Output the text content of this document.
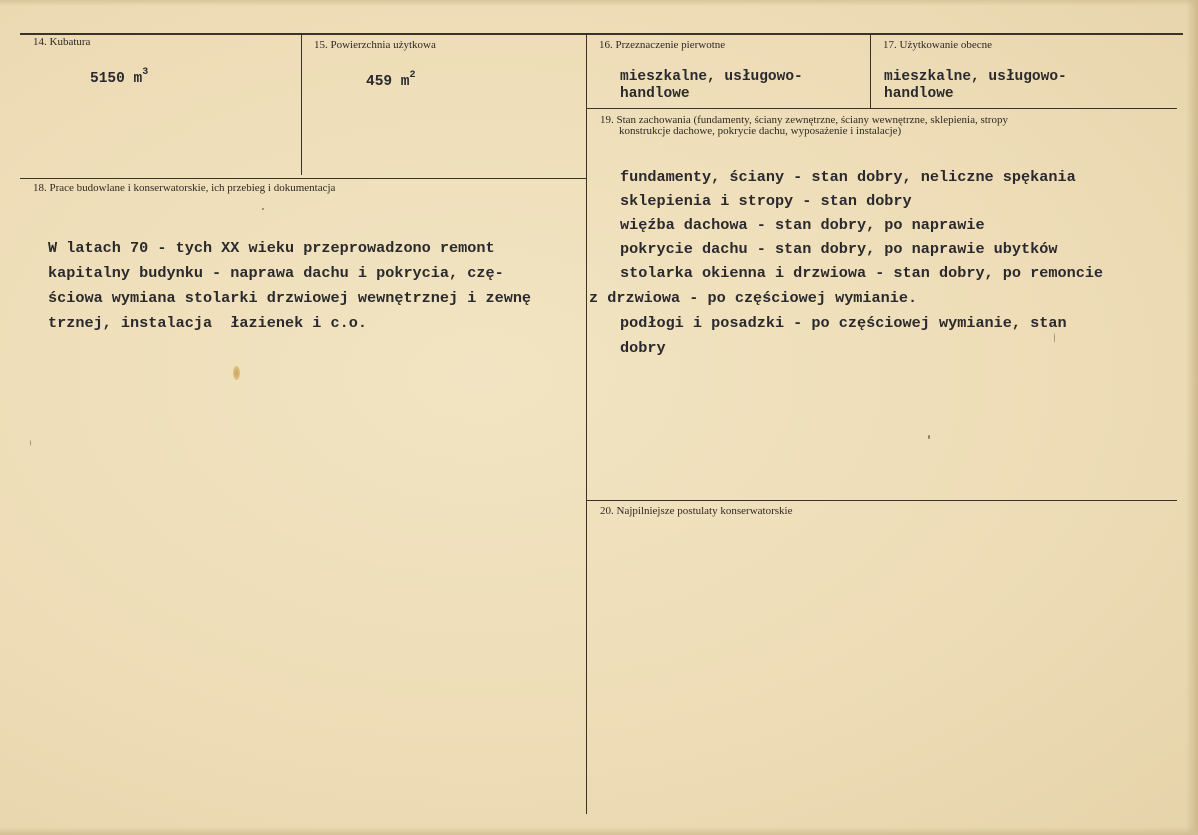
14. Kubatura
5150 $m^3$
15. Powierzchnia użytkowa
459 $m^2$
16. Przeznaczenie pierwotne
mieszkalne, usługowo-
handlowe
17. Użytkowanie obecne
mieszkalne, usługowo-
handlowe
19. Stan zachowania (fundamenty, ściany zewnętrzne, ściany wewnętrzne, sklepienia, stropy
konstrukcje dachowe, pokrycie dachu, wyposażenie i instalacje)
fundamenty, ściany - stan dobry, neliczne spękania
sklepienia i stropy - stan dobry
więźba dachowa - stan dobry, po naprawie
pokrycie dachu - stan dobry, po naprawie ubytków
stolarka okienna i drzwiowa - stan dobry, po remoncie
z drzwiowa - po częściowej wymianie.
podłogi i posadzki - po częściowej wymianie, stan
dobry
18. Prace budowlane i konserwatorskie, ich przebieg i dokumentacja
W latach 70 - tych XX wieku przeprowadzono remont
kapitalny budynku - naprawa dachu i pokrycia, czę-
ściowa wymiana stolarki drzwiowej wewnętrznej i zewnę
trznej, instalacja  łazienek i c.o.
20. Najpilniejsze postulaty konserwatorskie
